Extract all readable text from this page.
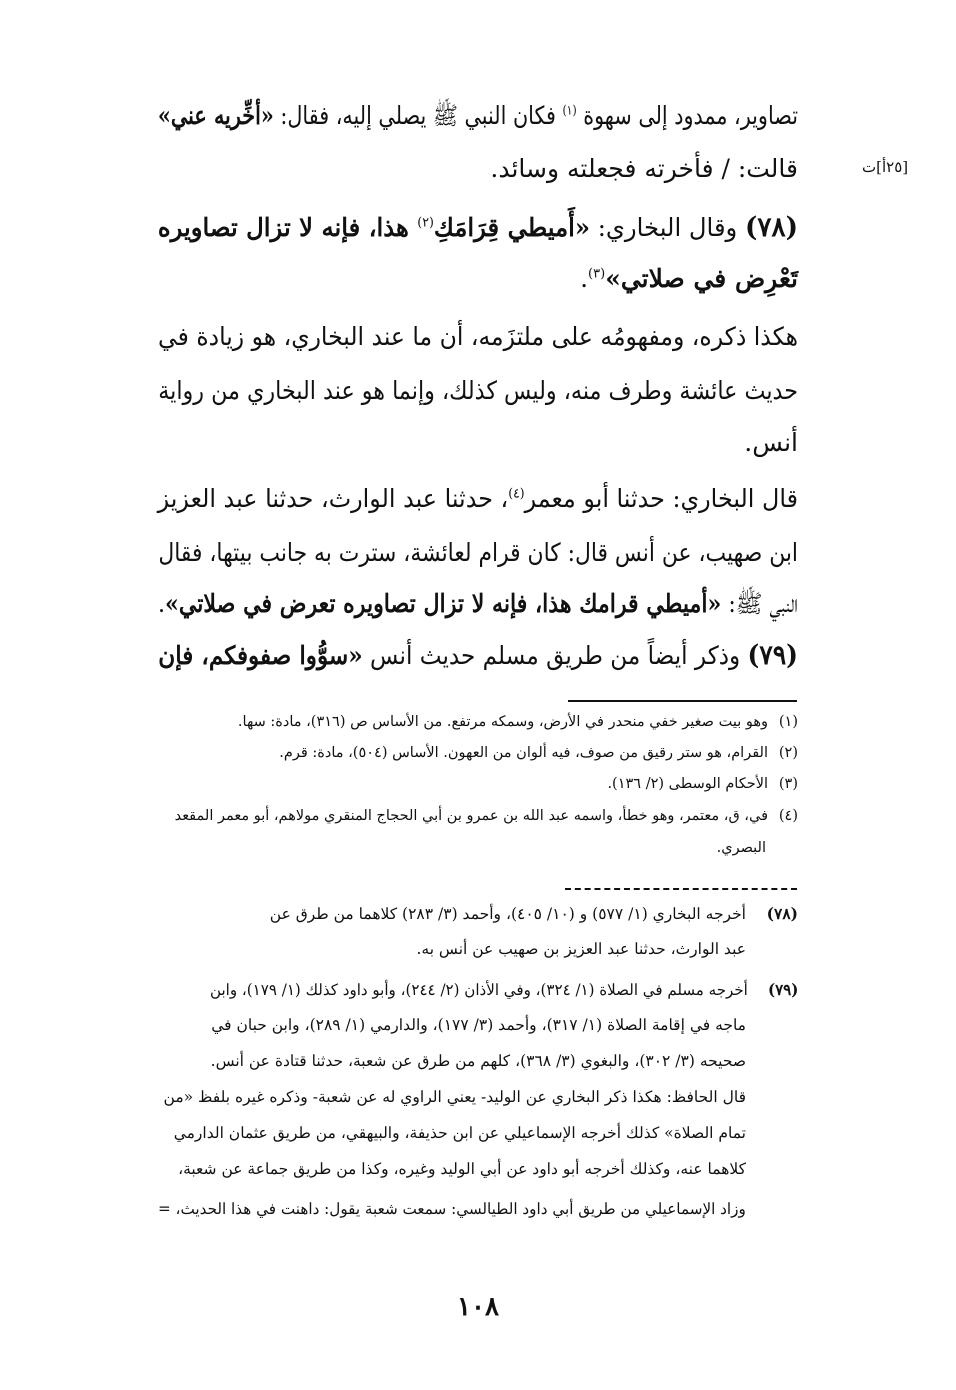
[٢٥أ]ت
تصاوير، ممدود إلى سهوة $^{(١)}$ فكان النبي ﷺ يصلي إليه، فقال: «أخِّريه عني»
قالت: / فأخرته فجعلته وسائد.
(٧٨) وقال البخاري: «أَميطي قِرَامَكِ$^{(٢)}$ هذا، فإنه لا تزال تصاويره
تَعْرِض في صلاتي»$^{(٣)}$.
هكذا ذكره، ومفهومُه على ملتزَمه، أن ما عند البخاري، هو زيادة في
حديث عائشة وطرف منه، وليس كذلك، وإنما هو عند البخاري من رواية
أنس.
قال البخاري: حدثنا أبو معمر$^{(٤)}$، حدثنا عبد الوارث، حدثنا عبد العزيز
ابن صهيب، عن أنس قال: كان قرام لعائشة، سترت به جانب بيتها، فقال
النبي ﷺ: «أميطي قرامك هذا، فإنه لا تزال تصاويره تعرض في صلاتي».
(٧٩) وذكر أيضاً من طريق مسلم حديث أنس «سوُّوا صفوفكم، فإن
(١)وهو بيت صغير خفي منحدر في الأرض، وسمكه مرتفع. من الأساس ص (٣١٦)، مادة: سها.
(٢)القرام، هو ستر رقيق من صوف، فيه ألوان من العهون. الأساس (٥٠٤)، مادة: قرم.
(٣)الأحكام الوسطى (٢/ ١٣٦).
(٤)في، ق، معتمر، وهو خطأ، واسمه عبد الله بن عمرو بن أبي الحجاج المنقري مولاهم، أبو معمر المقعد
البصري.
(٧٨)أخرجه البخاري (١/ ٥٧٧) و (١٠/ ٤٠٥)، وأحمد (٣/ ٢٨٣) كلاهما من طرق عن
عبد الوارث، حدثنا عبد العزيز بن صهيب عن أنس به.
(٧٩)أخرجه مسلم في الصلاة (١/ ٣٢٤)، وفي الأذان (٢/ ٢٤٤)، وأبو داود كذلك (١/ ١٧٩)، وابن
ماجه في إقامة الصلاة (١/ ٣١٧)، وأحمد (٣/ ١٧٧)، والدارمي (١/ ٢٨٩)، وابن حبان في
صحيحه (٣/ ٣٠٢)، والبغوي (٣/ ٣٦٨)، كلهم من طرق عن شعبة، حدثنا قتادة عن أنس.
قال الحافظ: هكذا ذكر البخاري عن الوليد- يعني الراوي له عن شعبة- وذكره غيره بلفظ «من
تمام الصلاة» كذلك أخرجه الإسماعيلي عن ابن حذيفة، والبيهقي، من طريق عثمان الدارمي
كلاهما عنه، وكذلك أخرجه أبو داود عن أبي الوليد وغيره، وكذا من طريق جماعة عن شعبة،
وزاد الإسماعيلي من طريق أبي داود الطيالسي: سمعت شعبة يقول: داهنت في هذا الحديث، =
١٠٨
